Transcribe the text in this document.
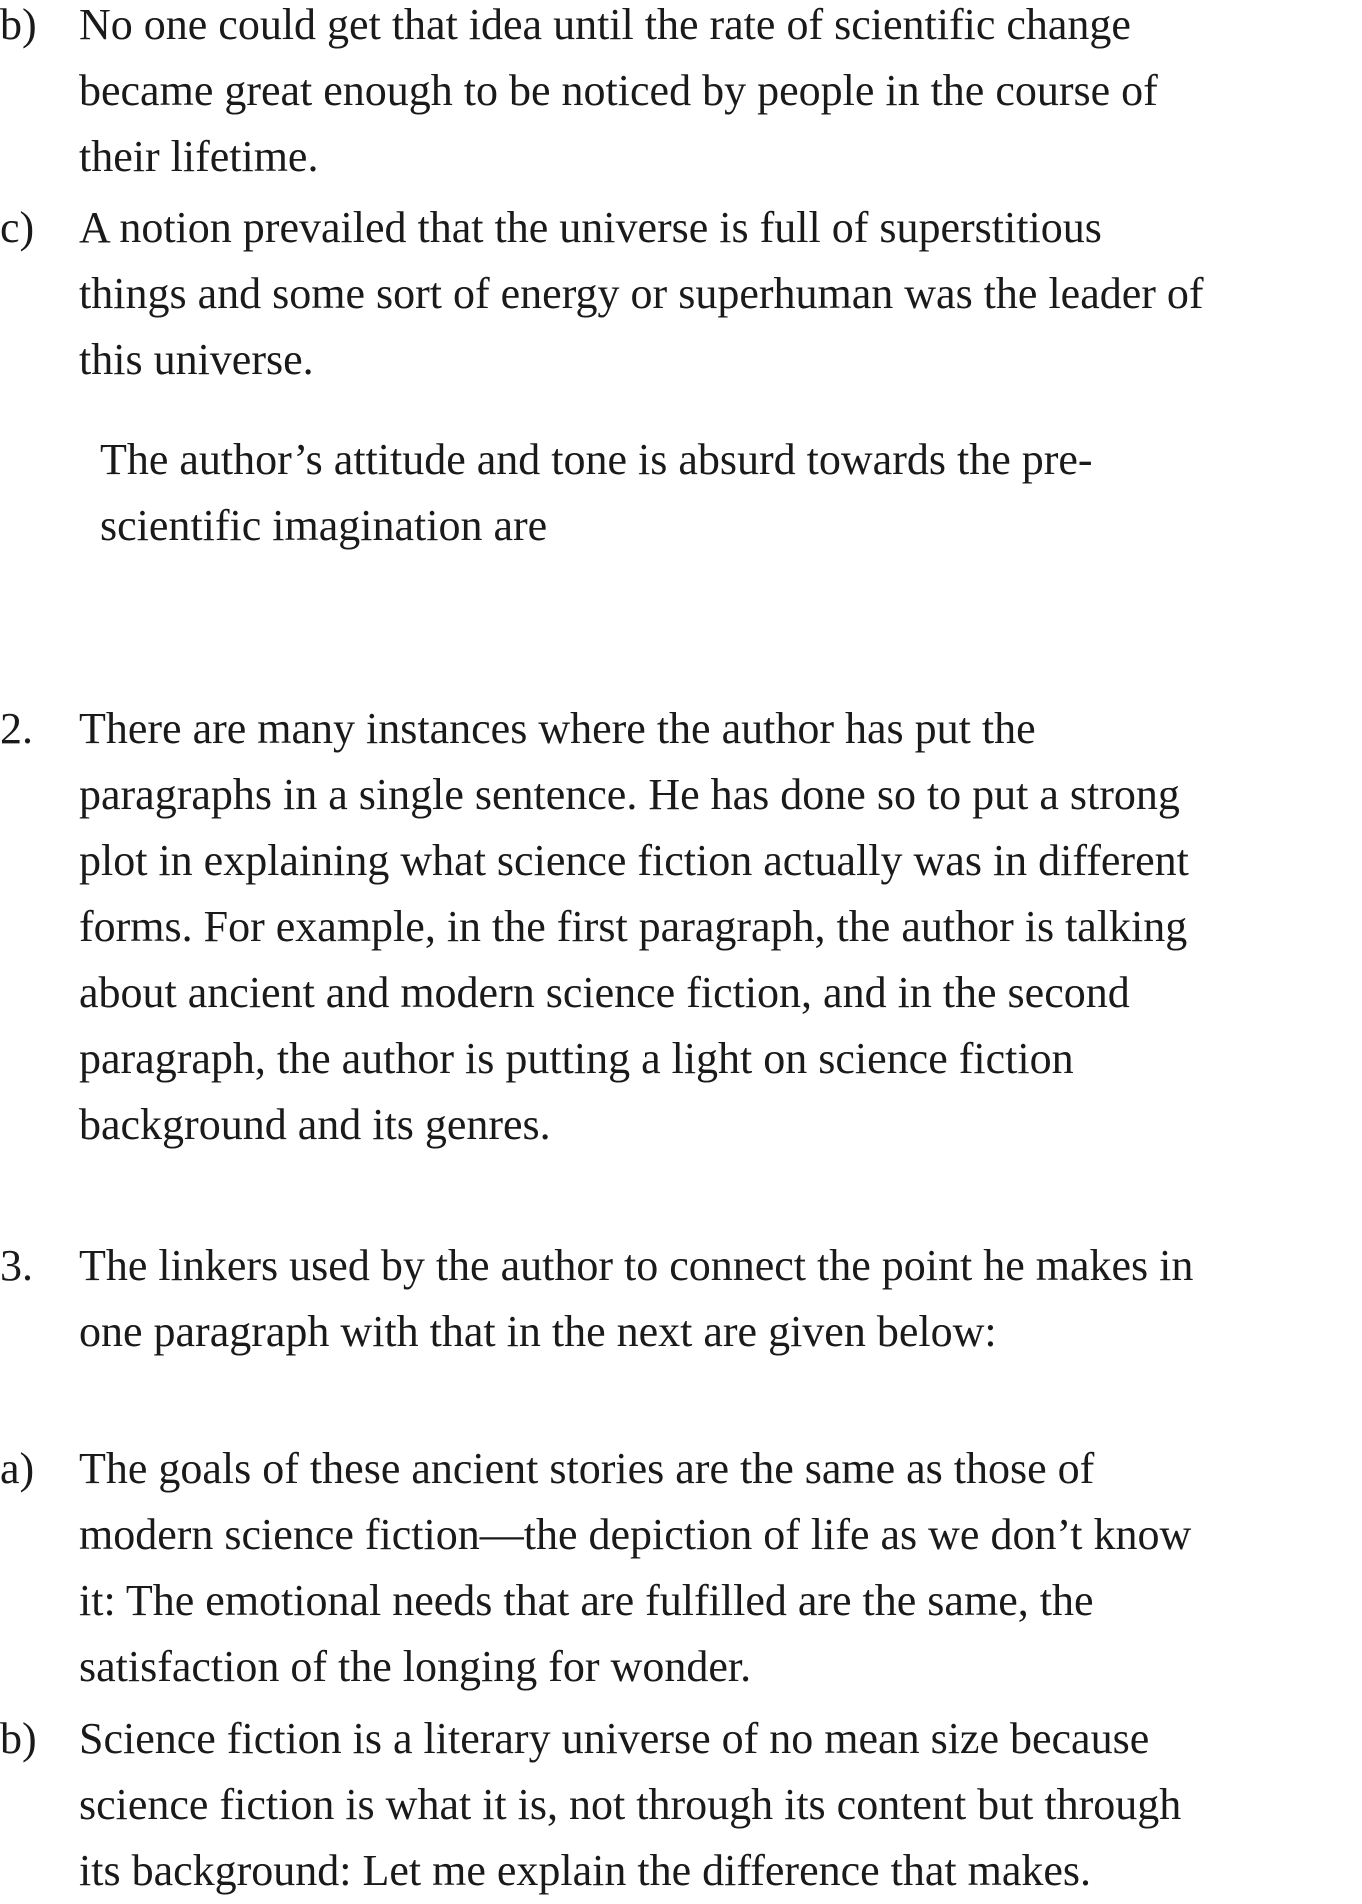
b) No one could get that idea until the rate of scientific change
became great enough to be noticed by people in the course of
their lifetime.
c)	A notion prevailed that the universe is full of superstitious
things and some sort of energy or superhuman was the leader of
this universe.
The author’s attitude and tone is absurd towards the pre-
scientific imagination are
2.	There are many instances where the author has put the
paragraphs in a single sentence. He has done so to put a strong
plot in explaining what science fiction actually was in different
forms. For example, in the first paragraph, the author is talking
about ancient and modern science fiction, and in the second
paragraph, the author is putting a light on science fiction
background and its genres.
3.	The linkers used by the author to connect the point he makes in
one paragraph with that in the next are given below:
a)	The goals of these ancient stories are the same as those of
modern science fiction—the depiction of life as we don’t know
it: The emotional needs that are fulfilled are the same, the
satisfaction of the longing for wonder.
b) Science fiction is a literary universe of no mean size because
science fiction is what it is, not through its content but through
its background: Let me explain the difference that makes.
